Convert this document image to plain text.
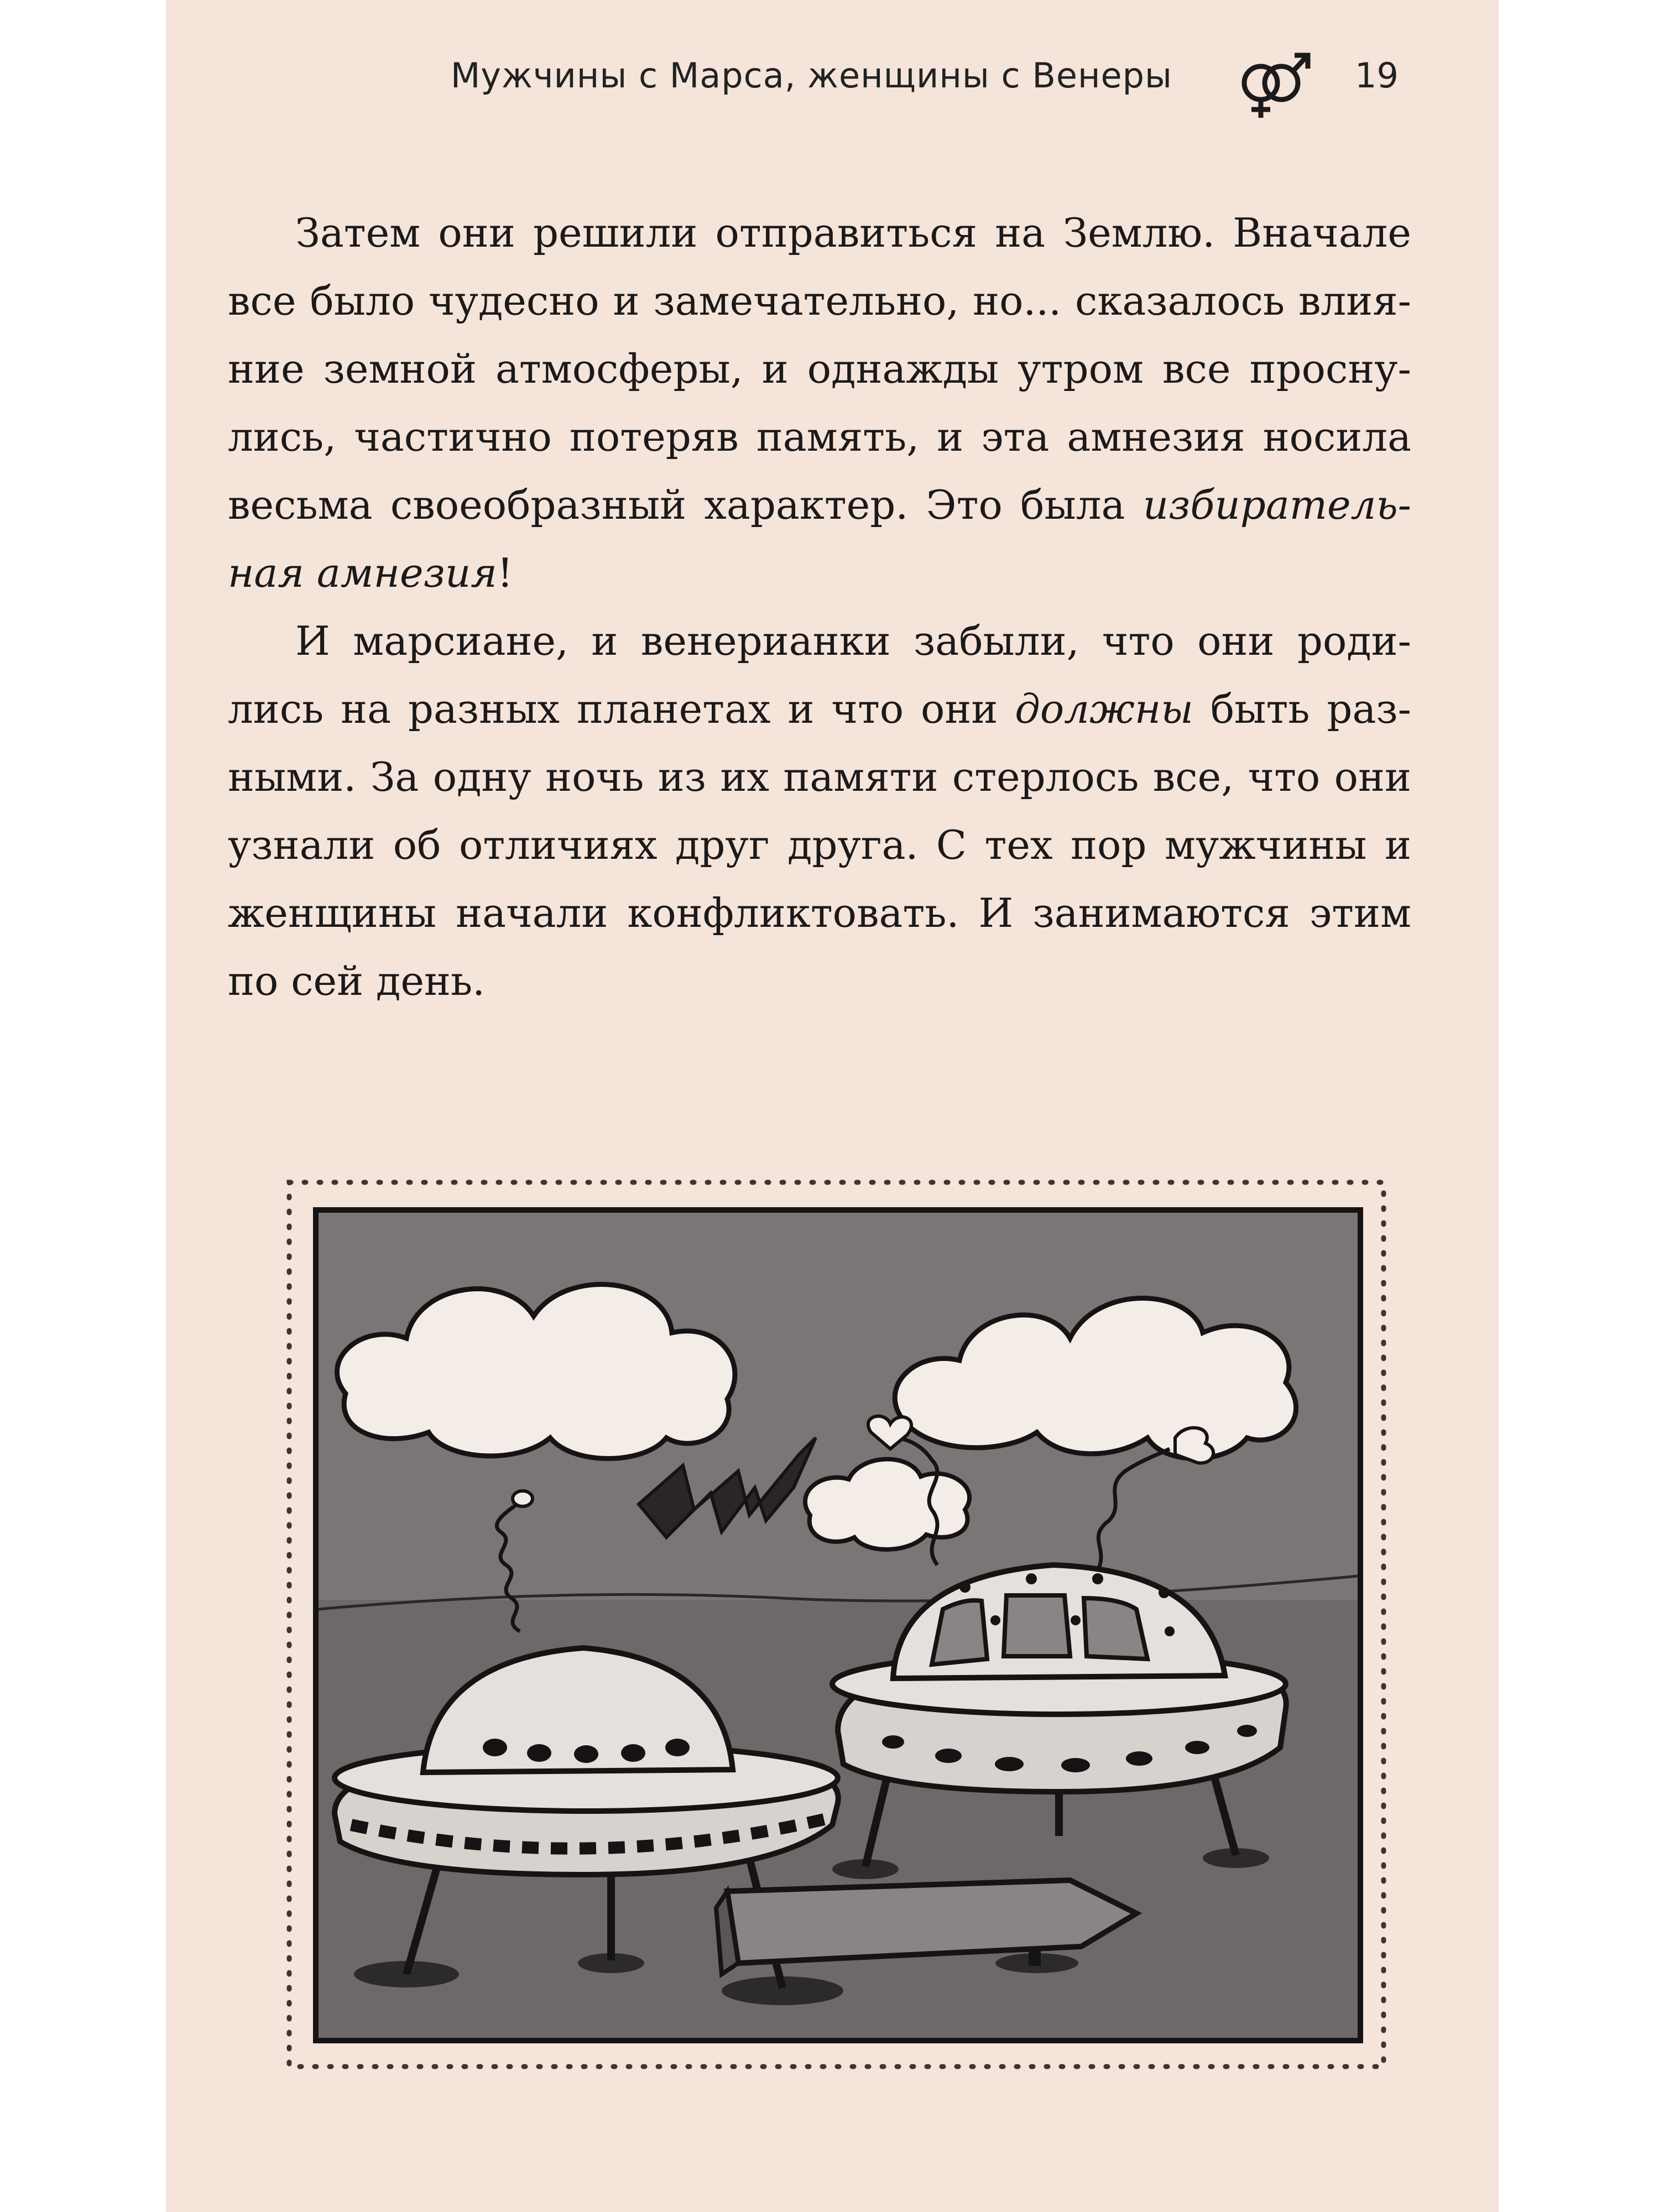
Мужчины с Марса, женщины с Венеры	19

Затем они решили отправиться на Землю. Вначале
все было чудесно и замечательно, но... сказалось влия-
ние земной атмосферы, и однажды утром все просну-
лись, частично потеряв память, и эта амнезия носила
весьма своеобразный характер. Это была избиратель-
ная амнезия!

И марсиане, и венерианки забыли, что они роди-
лись на разных планетах и что они должны быть раз-
ными. За одну ночь из их памяти стерлось все, что они
узнали об отличиях друг друга. С тех пор мужчины и
женщины начали конфликтовать. И занимаются этим
по сей день.
